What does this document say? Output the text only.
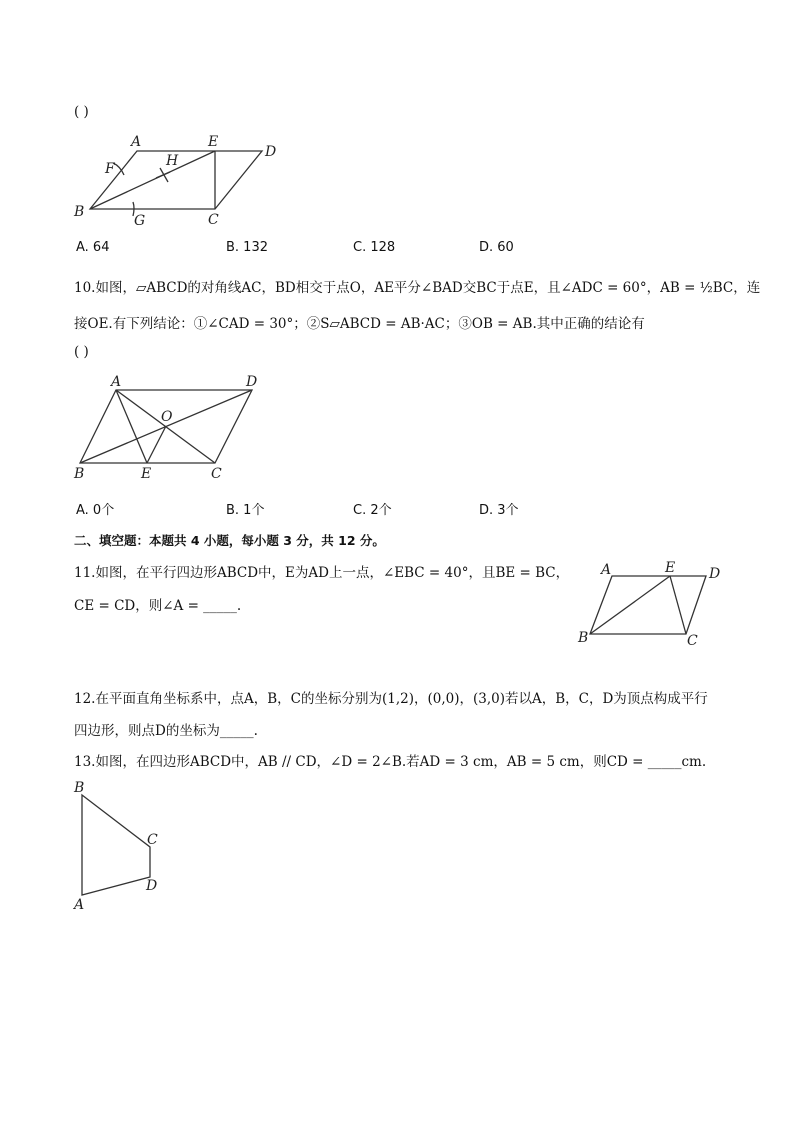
( )
A	E
D
F	H
B
G	C
A. 64	B. 132	C. 128	D. 60
10.如图，▱ABCD的对角线AC，BD相交于点O，AE平分∠BAD交BC于点E，且∠ADC = 60°，AB = ½BC，连
接OE.有下列结论：①∠CAD = 30°；②S▱ABCD = AB·AC；③OB = AB.其中正确的结论有
( )
A	D
O
B	E	C
A. 0个	B. 1个	C. 2个	D. 3个
二、填空题：本题共 4 小题，每小题 3 分，共 12 分。
11.如图，在平行四边形ABCD中，E为AD上一点，∠EBC = 40°，且BE = BC，
CE = CD，则∠A = _____.
A	E D
B	C
12.在平面直角坐标系中，点A，B，C的坐标分别为(1,2)，(0,0)，(3,0)若以A，B，C，D为顶点构成平行
四边形，则点D的坐标为_____.
13.如图，在四边形ABCD中，AB // CD，∠D = 2∠B.若AD = 3 cm，AB = 5 cm，则CD = _____cm.
B
C
D
A
